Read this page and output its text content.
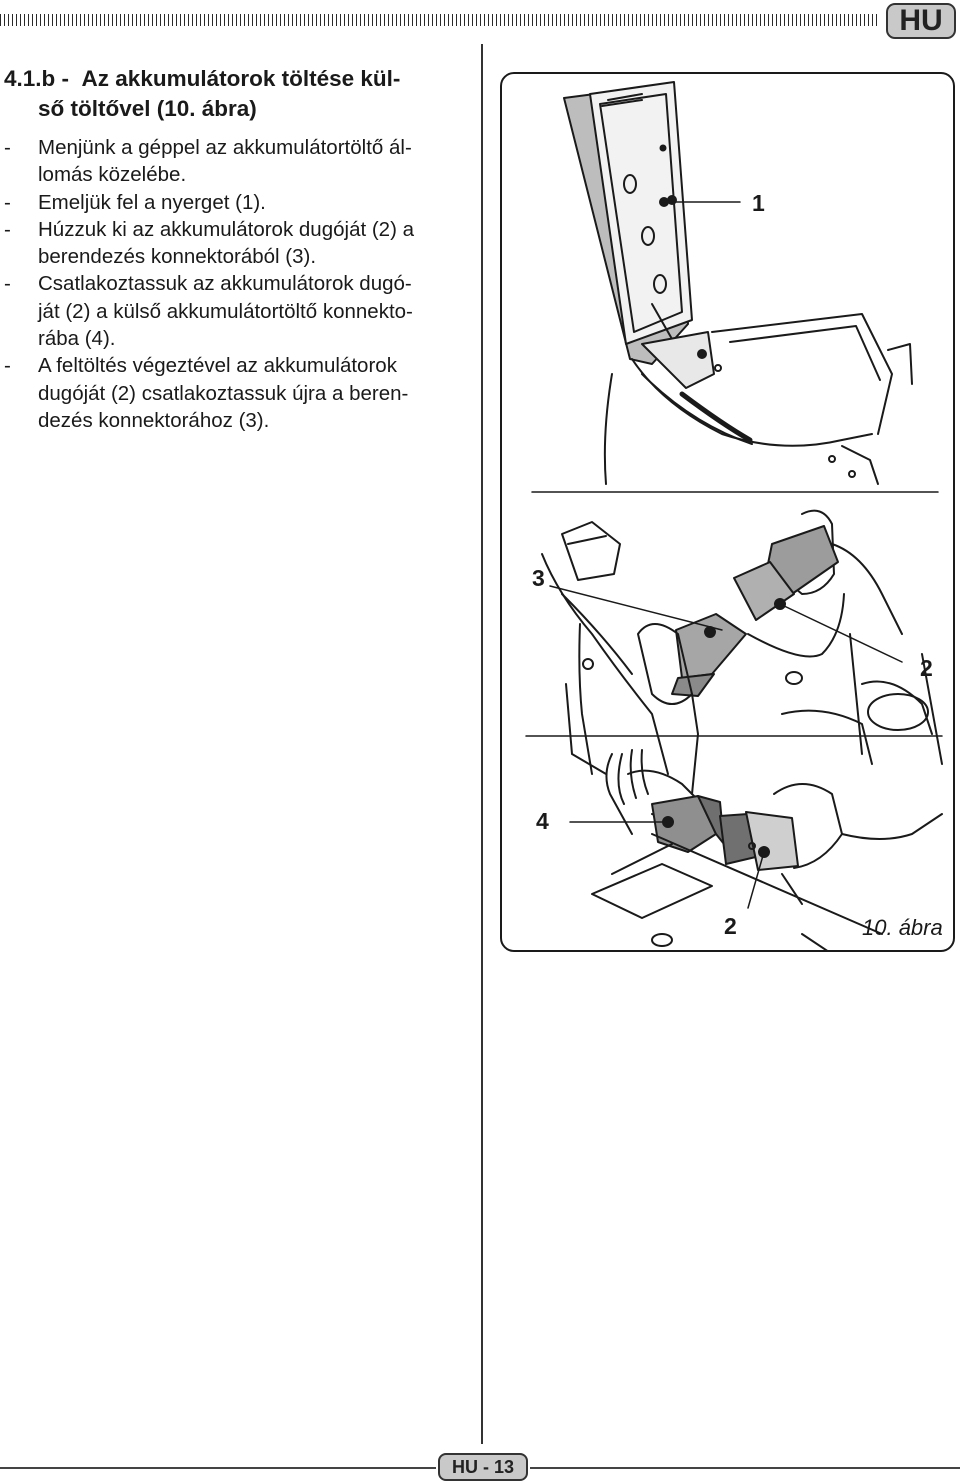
HU
4.1.b - Az akkumulátorok töltése kül-
ső töltővel (10. ábra)
- Menjünk a géppel az akkumulátortöltő ál-
lomás közelébe.
- Emeljük fel a nyerget (1).
- Húzzuk ki az akkumulátorok dugóját (2) a
berendezés konnektorából (3).
- Csatlakoztassuk az akkumulátorok dugó-
ját (2) a külső akkumulátortöltő konnekto-
rába (4).
- A feltöltés végeztével az akkumulátorok
dugóját (2) csatlakoztassuk újra a beren-
dezés konnektorához (3).
1
3
2
4
2	10. ábra
HU - 13
